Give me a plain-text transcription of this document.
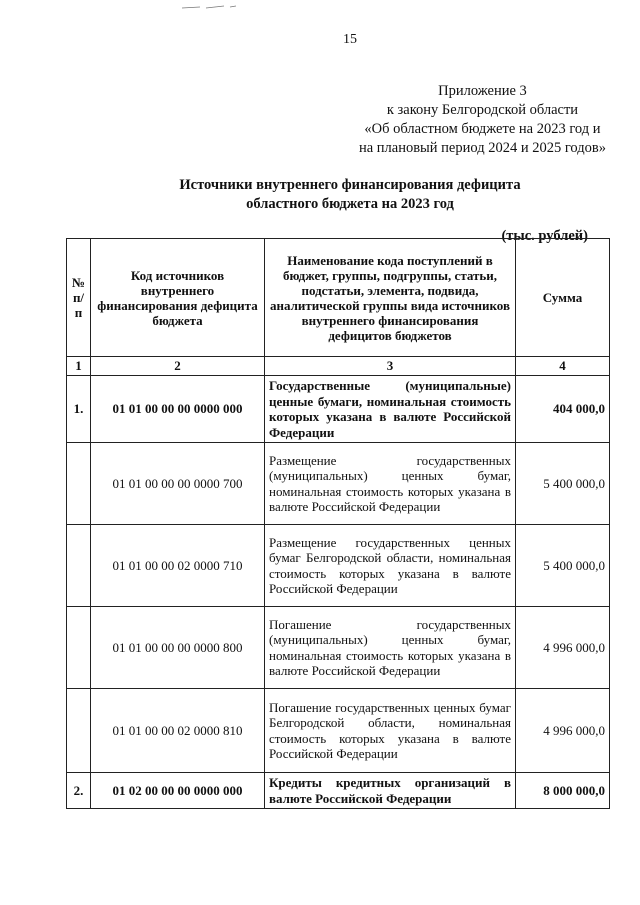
15
Приложение 3
к закону Белгородской области
«Об областном бюджете на 2023 год и
на плановый период 2024 и 2025 годов»
Источники внутреннего финансирования дефицита
областного бюджета на 2023 год
(тыс. рублей)
№ п/п	Код источников внутреннего финансирования дефицита бюджета	Наименование кода поступлений в бюджет, группы, подгруппы, статьи, подстатьи, элемента, подвида, аналитической группы вида источников внутреннего финансирования дефицитов бюджетов	Сумма
1	2	3	4
1.	01 01 00 00 00 0000 000	Государственные (муниципальные) ценные бумаги, номинальная стоимость которых указана в валюте Российской Федерации	404 000,0
	01 01 00 00 00 0000 700	Размещение государственных (муниципальных) ценных бумаг, номинальная стоимость которых указана в валюте Российской Федерации	5 400 000,0
	01 01 00 00 02 0000 710	Размещение государственных ценных бумаг Белгородской области, номинальная стоимость которых указана в валюте Российской Федерации	5 400 000,0
	01 01 00 00 00 0000 800	Погашение государственных (муниципальных) ценных бумаг, номинальная стоимость которых указана в валюте Российской Федерации	4 996 000,0
	01 01 00 00 02 0000 810	Погашение государственных ценных бумаг Белгородской области, номинальная стоимость которых указана в валюте Российской Федерации	4 996 000,0
2.	01 02 00 00 00 0000 000	Кредиты кредитных организаций в валюте Российской Федерации	8 000 000,0
